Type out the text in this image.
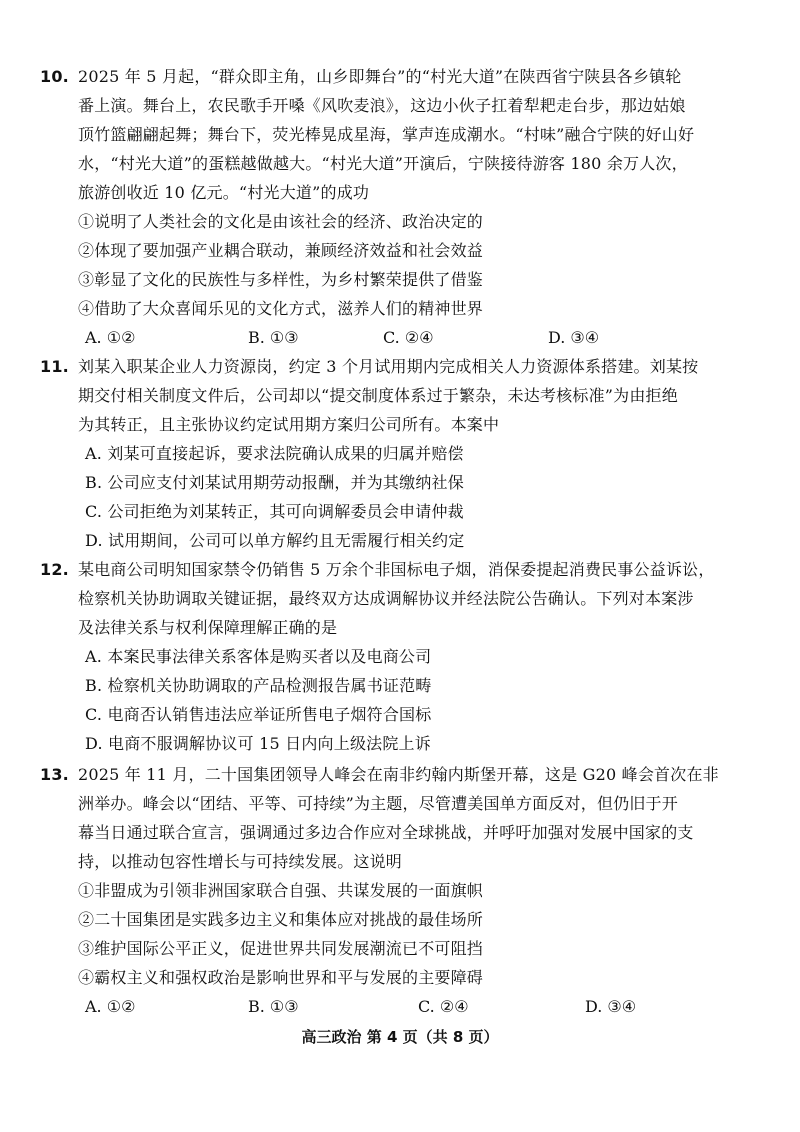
10. 2025 年 5 月起，“群众即主角，山乡即舞台”的“村光大道”在陕西省宁陕县各乡镇轮
番上演。舞台上，农民歌手开嗓《风吹麦浪》，这边小伙子扛着犁耙走台步，那边姑娘
顶竹篮翩翩起舞；舞台下，荧光棒晃成星海，掌声连成潮水。“村味”融合宁陕的好山好
水，“村光大道”的蛋糕越做越大。“村光大道”开演后，宁陕接待游客 180 余万人次，
旅游创收近 10 亿元。“村光大道”的成功
①说明了人类社会的文化是由该社会的经济、政治决定的
②体现了要加强产业耦合联动，兼顾经济效益和社会效益
③彰显了文化的民族性与多样性，为乡村繁荣提供了借鉴
④借助了大众喜闻乐见的文化方式，滋养人们的精神世界
A. ①②	B. ①③	C. ②④	D. ③④
11. 刘某入职某企业人力资源岗，约定 3 个月试用期内完成相关人力资源体系搭建。刘某按
期交付相关制度文件后，公司却以“提交制度体系过于繁杂，未达考核标准”为由拒绝
为其转正，且主张协议约定试用期方案归公司所有。本案中
A. 刘某可直接起诉，要求法院确认成果的归属并赔偿
B. 公司应支付刘某试用期劳动报酬，并为其缴纳社保
C. 公司拒绝为刘某转正，其可向调解委员会申请仲裁
D. 试用期间，公司可以单方解约且无需履行相关约定
12. 某电商公司明知国家禁令仍销售 5 万余个非国标电子烟，消保委提起消费民事公益诉讼，
检察机关协助调取关键证据，最终双方达成调解协议并经法院公告确认。下列对本案涉
及法律关系与权利保障理解正确的是
A. 本案民事法律关系客体是购买者以及电商公司
B. 检察机关协助调取的产品检测报告属书证范畴
C. 电商否认销售违法应举证所售电子烟符合国标
D. 电商不服调解协议可 15 日内向上级法院上诉
13. 2025 年 11 月，二十国集团领导人峰会在南非约翰内斯堡开幕，这是 G20 峰会首次在非
洲举办。峰会以“团结、平等、可持续”为主题，尽管遭美国单方面反对，但仍旧于开
幕当日通过联合宣言，强调通过多边合作应对全球挑战，并呼吁加强对发展中国家的支
持，以推动包容性增长与可持续发展。这说明
①非盟成为引领非洲国家联合自强、共谋发展的一面旗帜
②二十国集团是实践多边主义和集体应对挑战的最佳场所
③维护国际公平正义，促进世界共同发展潮流已不可阻挡
④霸权主义和强权政治是影响世界和平与发展的主要障碍
A. ①②	B. ①③	C. ②④	D. ③④
高三政治 第 4 页（共 8 页）
